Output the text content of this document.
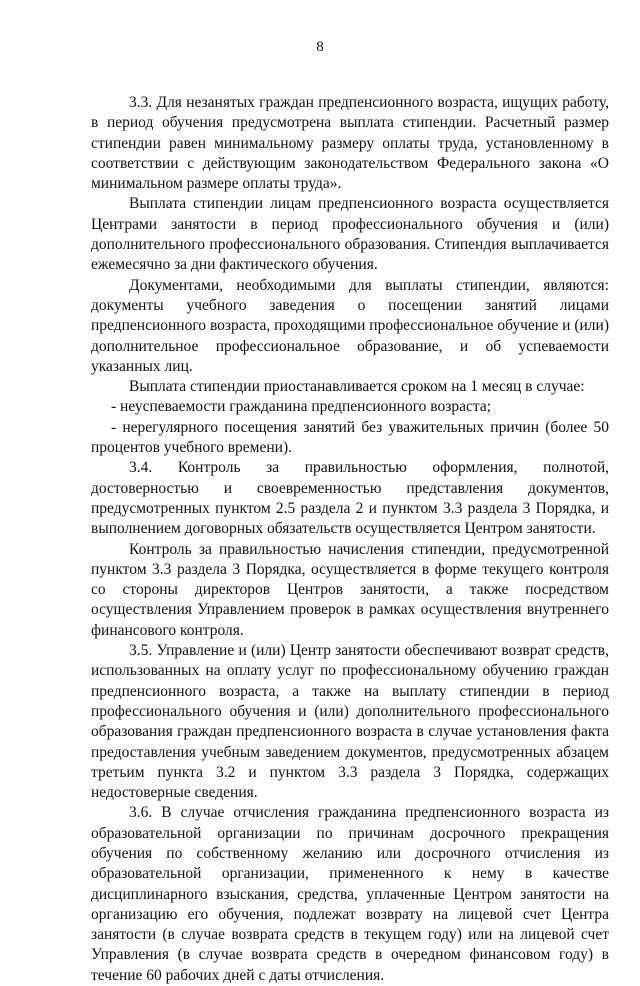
8

3.3. Для незанятых граждан предпенсионного возраста, ищущих работу, в период обучения предусмотрена выплата стипендии. Расчетный размер стипендии равен минимальному размеру оплаты труда, установленному в соответствии с действующим законодательством Федерального закона «О минимальном размере оплаты труда».

Выплата стипендии лицам предпенсионного возраста осуществляется Центрами занятости в период профессионального обучения и (или) дополнительного профессионального образования. Стипендия выплачивается ежемесячно за дни фактического обучения.

Документами, необходимыми для выплаты стипендии, являются: документы учебного заведения о посещении занятий лицами предпенсионного возраста, проходящими профессиональное обучение и (или) дополнительное профессиональное образование, и об успеваемости указанных лиц.

Выплата стипендии приостанавливается сроком на 1 месяц в случае:

- неуспеваемости гражданина предпенсионного возраста;

- нерегулярного посещения занятий без уважительных причин (более 50 процентов учебного времени).

3.4. Контроль за правильностью оформления, полнотой, достоверностью и своевременностью представления документов, предусмотренных пунктом 2.5 раздела 2 и пунктом 3.3 раздела 3 Порядка, и выполнением договорных обязательств осуществляется Центром занятости.

Контроль за правильностью начисления стипендии, предусмотренной пунктом 3.3 раздела 3 Порядка, осуществляется в форме текущего контроля со стороны директоров Центров занятости, а также посредством осуществления Управлением проверок в рамках осуществления внутреннего финансового контроля.

3.5. Управление и (или) Центр занятости обеспечивают возврат средств, использованных на оплату услуг по профессиональному обучению граждан предпенсионного возраста, а также на выплату стипендии в период профессионального обучения и (или) дополнительного профессионального образования граждан предпенсионного возраста в случае установления факта предоставления учебным заведением документов, предусмотренных абзацем третьим пункта 3.2 и пунктом 3.3 раздела 3 Порядка, содержащих недостоверные сведения.

3.6. В случае отчисления гражданина предпенсионного возраста из образовательной организации по причинам досрочного прекращения обучения по собственному желанию или досрочного отчисления из образовательной организации, примененного к нему в качестве дисциплинарного взыскания, средства, уплаченные Центром занятости на организацию его обучения, подлежат возврату на лицевой счет Центра занятости (в случае возврата средств в текущем году) или на лицевой счет Управления (в случае возврата средств в очередном финансовом году) в течение 60 рабочих дней с даты отчисления.
